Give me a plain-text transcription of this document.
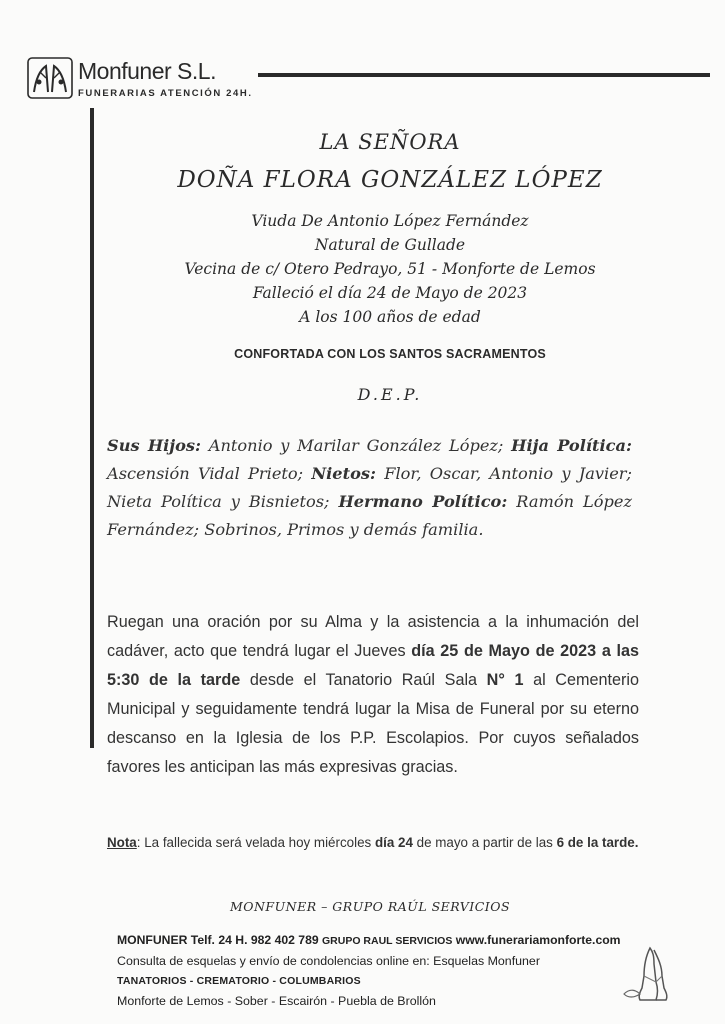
Monfuner S.L.
FUNERARIAS ATENCIÓN 24H.
LA SEÑORA
DOÑA FLORA GONZÁLEZ LÓPEZ
Viuda De Antonio López Fernández
Natural de Gullade
Vecina de c/ Otero Pedrayo, 51 - Monforte de Lemos
Falleció el día 24 de Mayo de 2023
A los 100 años de edad
CONFORTADA CON LOS SANTOS SACRAMENTOS
D.E.P.
Sus Hijos: Antonio y Marilar González López; Hija Política: Ascensión Vidal Prieto; Nietos: Flor, Oscar, Antonio y Javier; Nieta Política y Bisnietos; Hermano Político: Ramón López Fernández; Sobrinos, Primos y demás familia.
Ruegan una oración por su Alma y la asistencia a la inhumación del cadáver, acto que tendrá lugar el Jueves día 25 de Mayo de 2023 a las 5:30 de la tarde desde el Tanatorio Raúl Sala N° 1 al Cementerio Municipal y seguidamente tendrá lugar la Misa de Funeral por su eterno descanso en la Iglesia de los P.P. Escolapios. Por cuyos señalados favores les anticipan las más expresivas gracias.
Nota: La fallecida será velada hoy miércoles día 24 de mayo a partir de las 6 de la tarde.
MONFUNER – GRUPO RAÚL SERVICIOS
MONFUNER Telf. 24 H. 982 402 789 GRUPO RAUL SERVICIOS www.funerariamonforte.com
Consulta de esquelas y envío de condolencias online en: Esquelas Monfuner
TANATORIOS - CREMATORIO - COLUMBARIOS
Monforte de Lemos - Sober - Escairón - Puebla de Brollón
